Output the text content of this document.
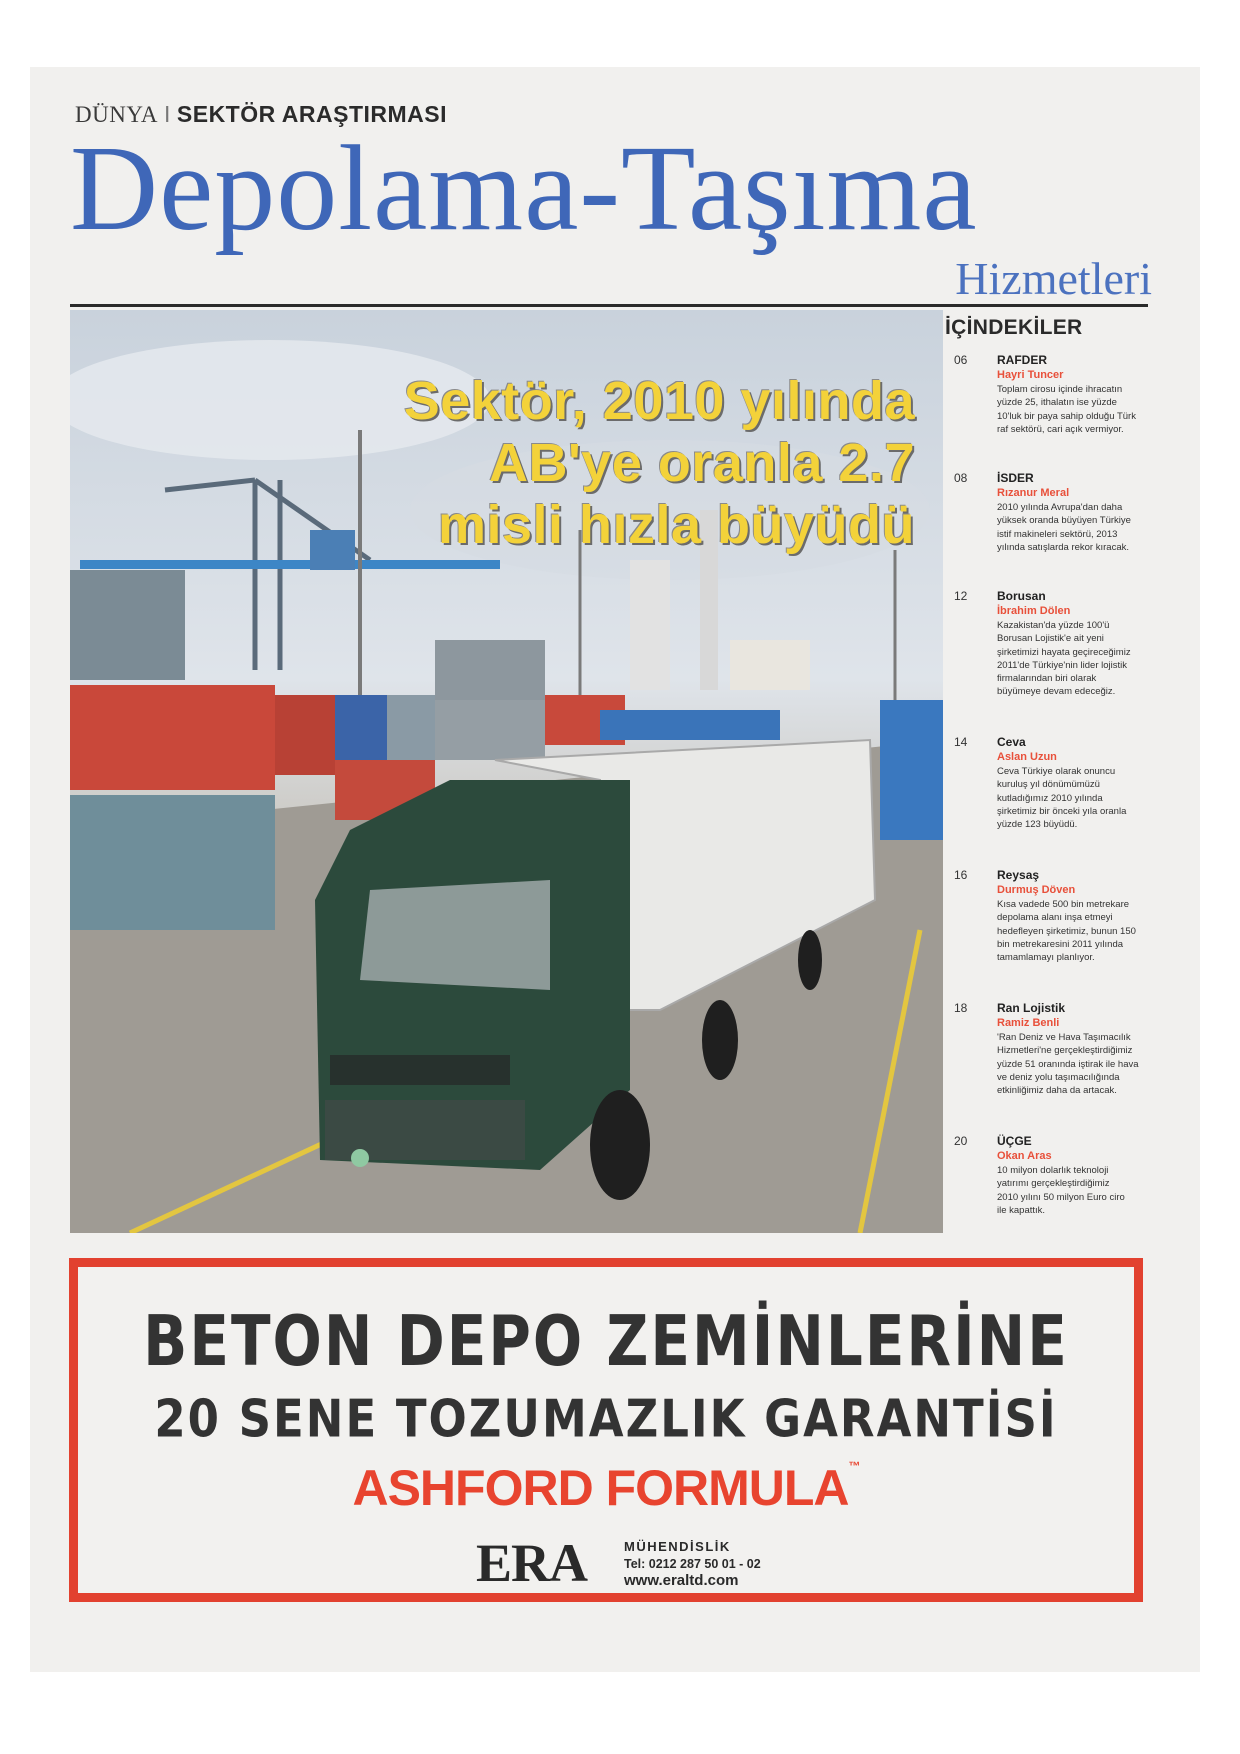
DÜNYA I SEKTÖR ARAŞTIRMASI
Depolama-Taşıma
Hizmetleri
Sektör, 2010 yılında
AB'ye oranla 2.7
misli hızla büyüdü
İÇİNDEKİLER
06 RAFDER
Hayri Tuncer
Toplam cirosu içinde ihracatın
yüzde 25, ithalatın ise yüzde
10'luk bir paya sahip olduğu Türk
raf sektörü, cari açık vermiyor.
08 İSDER
Rızanur Meral
2010 yılında Avrupa'dan daha
yüksek oranda büyüyen Türkiye
istif makineleri sektörü, 2013
yılında satışlarda rekor kıracak.
12 Borusan
İbrahim Dölen
Kazakistan'da yüzde 100'ü
Borusan Lojistik'e ait yeni
şirketimizi hayata geçireceğimiz
2011'de Türkiye'nin lider lojistik
firmalarından biri olarak
büyümeye devam edeceğiz.
14 Ceva
Aslan Uzun
Ceva Türkiye olarak onuncu
kuruluş yıl dönümümüzü
kutladığımız 2010 yılında
şirketimiz bir önceki yıla oranla
yüzde 123 büyüdü.
16 Reysaş
Durmuş Döven
Kısa vadede 500 bin metrekare
depolama alanı inşa etmeyi
hedefleyen şirketimiz, bunun 150
bin metrekaresini 2011 yılında
tamamlamayı planlıyor.
18 Ran Lojistik
Ramiz Benli
'Ran Deniz ve Hava Taşımacılık
Hizmetleri'ne gerçekleştirdiğimiz
yüzde 51 oranında iştirak ile hava
ve deniz yolu taşımacılığında
etkinliğimiz daha da artacak.
20 ÜÇGE
Okan Aras
10 milyon dolarlık teknoloji
yatırımı gerçekleştirdiğimiz
2010 yılını 50 milyon Euro ciro
ile kapattık.
BETON DEPO ZEMİNLERİNE
20 SENE TOZUMAZLIK GARANTİSİ
ASHFORD FORMULA™
ERA	MÜHENDİSLİK
Tel: 0212 287 50 01 - 02
www.eraltd.com
